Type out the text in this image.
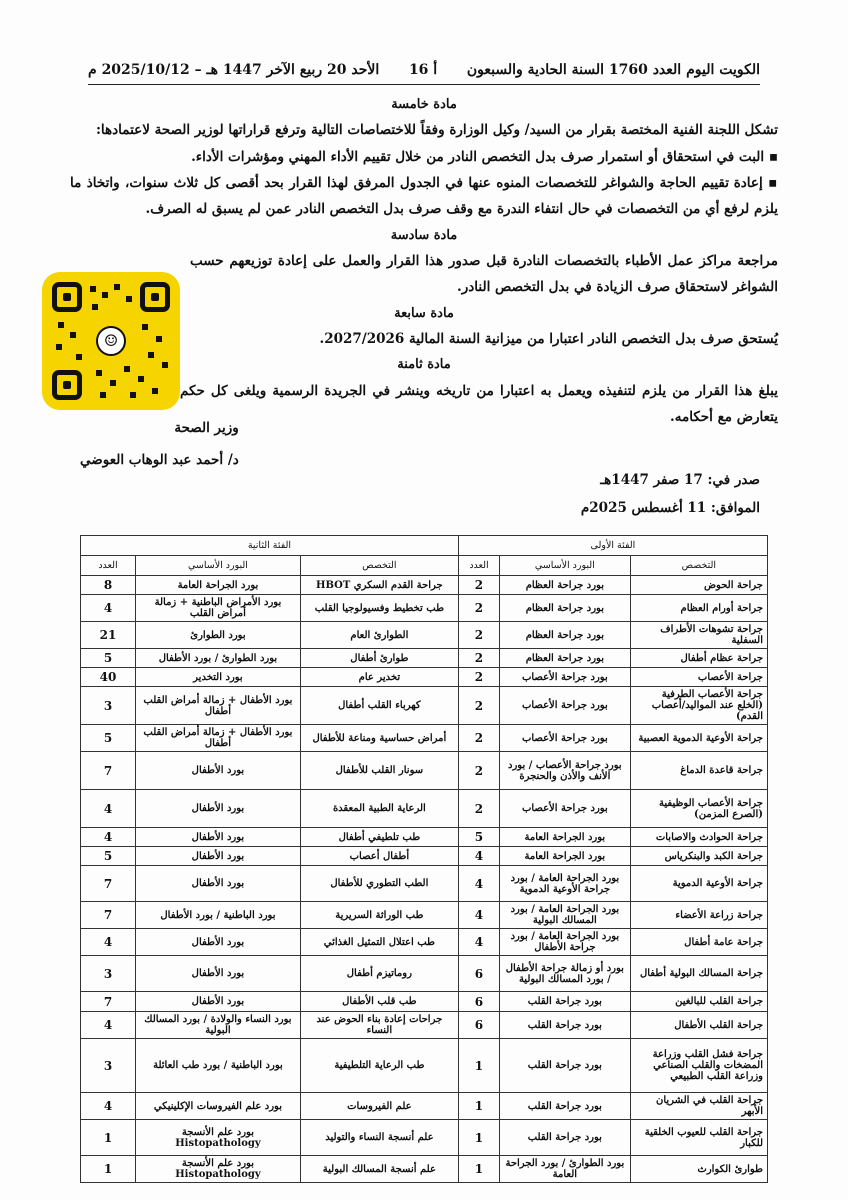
الكويت اليوم العدد 1760 السنة الحادية والسبعون
أ 16
الأحد 20 ربيع الآخر 1447 هـ – 2025/10/12 م

مادة خامسة

تشكل اللجنة الفنية المختصة بقرار من السيد/ وكيل الوزارة وفقاً للاختصاصات التالية وترفع قراراتها لوزير الصحة لاعتمادها:

▪ البت في استحقاق أو استمرار صرف بدل التخصص النادر من خلال تقييم الأداء المهني ومؤشرات الأداء.

▪ إعادة تقييم الحاجة والشواغر للتخصصات المنوه عنها في الجدول المرفق لهذا القرار بحد أقصى كل ثلاث سنوات، واتخاذ ما يلزم لرفع أي من التخصصات في حال انتفاء الندرة مع وقف صرف بدل التخصص النادر عمن لم يسبق له الصرف.

مادة سادسة

مراجعة مراكز عمل الأطباء بالتخصصات النادرة قبل صدور هذا القرار والعمل على إعادة توزيعهم حسب الشواغر لاستحقاق صرف الزيادة في بدل التخصص النادر.

مادة سابعة

يُستحق صرف بدل التخصص النادر اعتبارا من ميزانية السنة المالية 2027/2026.

مادة ثامنة

يبلغ هذا القرار من يلزم لتنفيذه ويعمل به اعتبارا من تاريخه وينشر في الجريدة الرسمية ويلغى كل حكم يتعارض مع أحكامه.

وزير الصحة
د/ أحمد عبد الوهاب العوضي
صدر في: 17 صفر 1447هـ
الموافق: 11 أغسطس 2025م
☺
الفئة الأولى			الفئة الثانية		
التخصص	البورد الأساسي	العدد	التخصص	البورد الأساسي	العدد
جراحة الحوض	بورد جراحة العظام	2	جراحة القدم السكري HBOT	بورد الجراحة العامة	8
جراحة أورام العظام	بورد جراحة العظام	2	طب تخطيط وفسيولوجيا القلب	بورد الأمراض الباطنية + زمالة أمراض القلب	4
جراحة تشوهات الأطراف السفلية	بورد جراحة العظام	2	الطوارئ العام	بورد الطوارئ	21
جراحة عظام أطفال	بورد جراحة العظام	2	طوارئ أطفال	بورد الطوارئ / بورد الأطفال	5
جراحة الأعصاب	بورد جراحة الأعصاب	2	تخدير عام	بورد التخدير	40
جراحة الأعصاب الطرفية (الخلع عند المواليد/أعصاب القدم)	بورد جراحة الأعصاب	2	كهرباء القلب أطفال	بورد الأطفال + زمالة أمراض القلب أطفال	3
جراحة الأوعية الدموية العصبية	بورد جراحة الأعصاب	2	أمراض حساسية ومناعة للأطفال	بورد الأطفال + زمالة أمراض القلب أطفال	5
جراحة قاعدة الدماغ	بورد جراحة الأعصاب / بورد الأنف والأذن والحنجرة	2	سونار القلب للأطفال	بورد الأطفال	7
جراحة الأعصاب الوظيفية (الصرع المزمن)	بورد جراحة الأعصاب	2	الرعاية الطبية المعقدة	بورد الأطفال	4
جراحة الحوادث والاصابات	بورد الجراحة العامة	5	طب تلطيفي أطفال	بورد الأطفال	4
جراحة الكبد والبنكرياس	بورد الجراحة العامة	4	أطفال أعصاب	بورد الأطفال	5
جراحة الأوعية الدموية	بورد الجراحة العامة / بورد جراحة الأوعية الدموية	4	الطب التطوري للأطفال	بورد الأطفال	7
جراحة زراعة الأعضاء	بورد الجراحة العامة / بورد المسالك البولية	4	طب الوراثة السريرية	بورد الباطنية / بورد الأطفال	7
جراحة عامة أطفال	بورد الجراحة العامة / بورد جراحة الأطفال	4	طب اعتلال التمثيل الغذائي	بورد الأطفال	4
جراحة المسالك البولية أطفال	بورد أو زمالة جراحة الأطفال / بورد المسالك البولية	6	روماتيزم أطفال	بورد الأطفال	3
جراحة القلب للبالغين	بورد جراحة القلب	6	طب قلب الأطفال	بورد الأطفال	7
جراحة القلب الأطفال	بورد جراحة القلب	6	جراحات إعادة بناء الحوض عند النساء	بورد النساء والولادة / بورد المسالك البولية	4
جراحة فشل القلب وزراعة المضخات والقلب الصناعي وزراعة القلب الطبيعي	بورد جراحة القلب	1	طب الرعاية التلطيفية	بورد الباطنية / بورد طب العائلة	3
جراحة القلب في الشريان الأبهر	بورد جراحة القلب	1	علم الفيروسات	بورد علم الفيروسات الإكلينيكي	4
جراحة القلب للعيوب الخلقية للكبار	بورد جراحة القلب	1	علم أنسجة النساء والتوليد	بورد علم الأنسجة Histopathology	1
طوارئ الكوارث	بورد الطوارئ / بورد الجراحة العامة	1	علم أنسجة المسالك البولية	بورد علم الأنسجة Histopathology	1
